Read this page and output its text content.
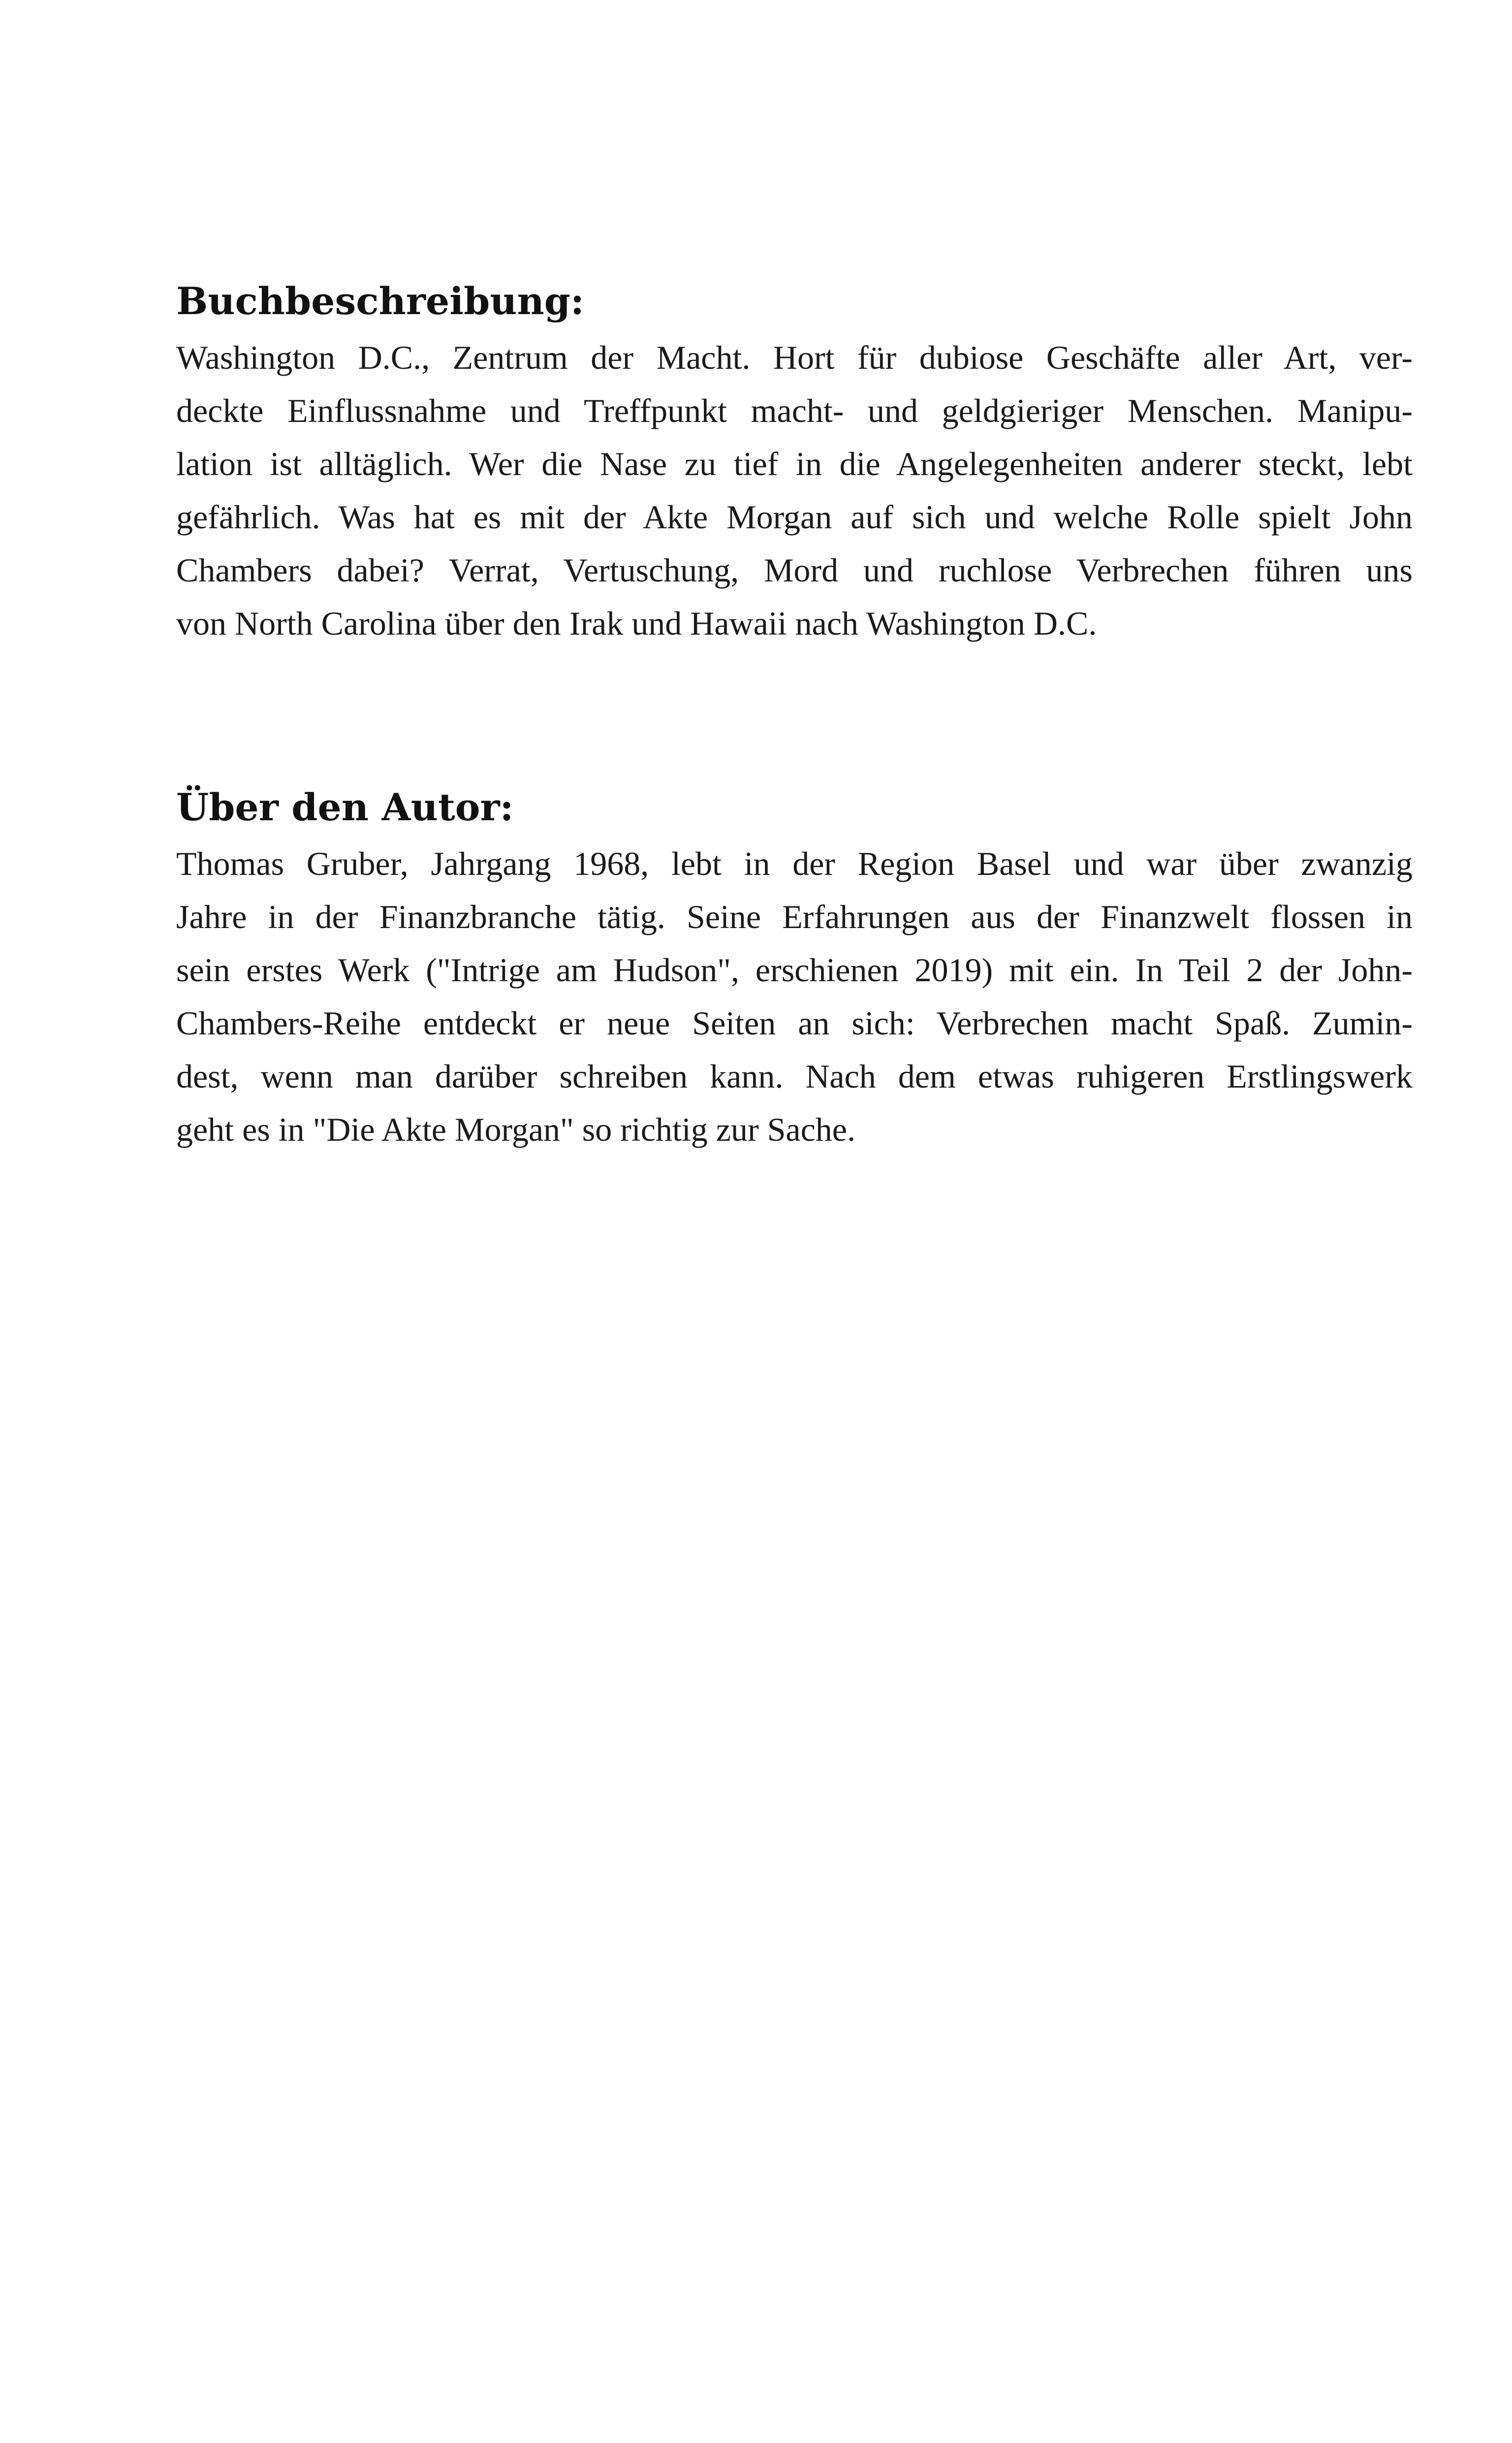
Buchbeschreibung:
Washington D.C., Zentrum der Macht. Hort für dubiose Geschäfte aller Art, ver-
deckte Einflussnahme und Treffpunkt macht- und geldgieriger Menschen. Manipu-
lation ist alltäglich. Wer die Nase zu tief in die Angelegenheiten anderer steckt, lebt
gefährlich. Was hat es mit der Akte Morgan auf sich und welche Rolle spielt John
Chambers dabei? Verrat, Vertuschung, Mord und ruchlose Verbrechen führen uns
von North Carolina über den Irak und Hawaii nach Washington D.C.
Über den Autor:
Thomas Gruber, Jahrgang 1968, lebt in der Region Basel und war über zwanzig
Jahre in der Finanzbranche tätig. Seine Erfahrungen aus der Finanzwelt flossen in
sein erstes Werk ("Intrige am Hudson", erschienen 2019) mit ein. In Teil 2 der John-
Chambers-Reihe entdeckt er neue Seiten an sich: Verbrechen macht Spaß. Zumin-
dest, wenn man darüber schreiben kann. Nach dem etwas ruhigeren Erstlingswerk
geht es in "Die Akte Morgan" so richtig zur Sache.
